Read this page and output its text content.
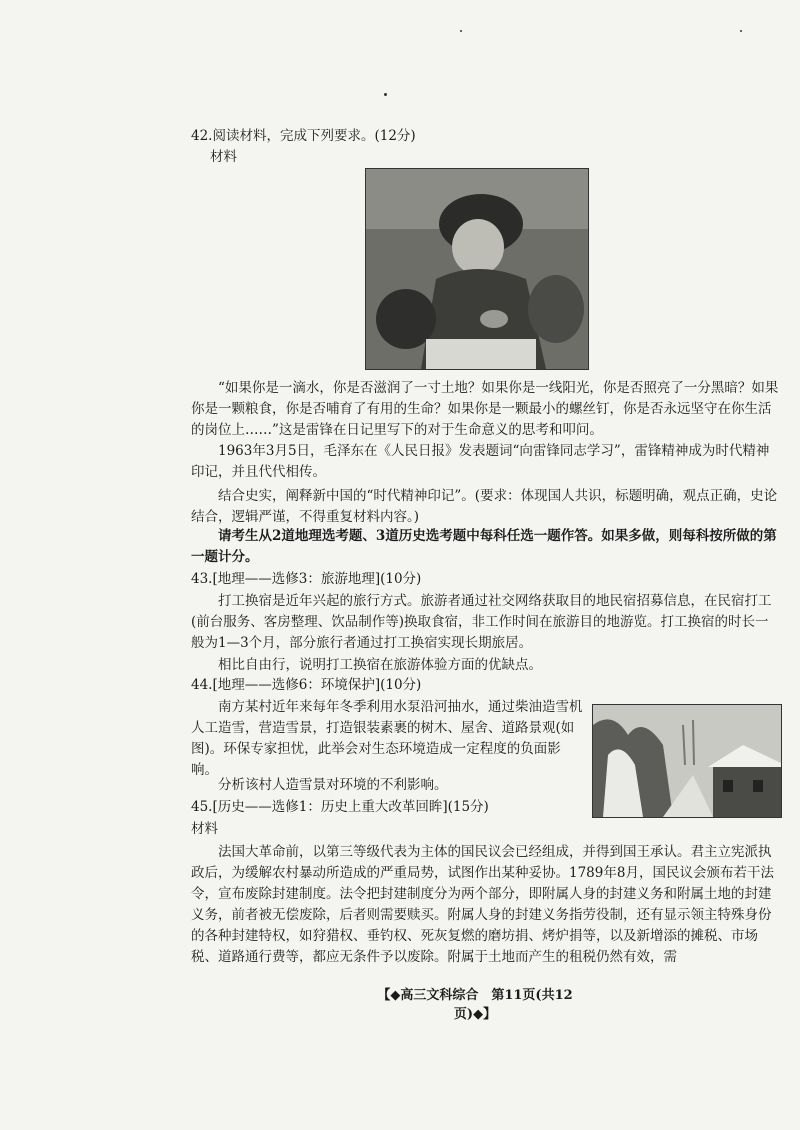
42.阅读材料，完成下列要求。(12分)

材料

“如果你是一滴水，你是否滋润了一寸土地？如果你是一线阳光，你是否照亮了一分黑暗？如果你是一颗粮食，你是否哺育了有用的生命？如果你是一颗最小的螺丝钉，你是否永远坚守在你生活的岗位上……”这是雷锋在日记里写下的对于生命意义的思考和叩问。

1963年3月5日，毛泽东在《人民日报》发表题词“向雷锋同志学习”，雷锋精神成为时代精神印记，并且代代相传。

结合史实，阐释新中国的“时代精神印记”。(要求：体现国人共识，标题明确，观点正确，史论结合，逻辑严谨，不得重复材料内容。)

请考生从2道地理选考题、3道历史选考题中每科任选一题作答。如果多做，则每科按所做的第一题计分。

43.[地理——选修3：旅游地理](10分)

打工换宿是近年兴起的旅行方式。旅游者通过社交网络获取目的地民宿招募信息，在民宿打工(前台服务、客房整理、饮品制作等)换取食宿，非工作时间在旅游目的地游览。打工换宿的时长一般为1—3个月，部分旅行者通过打工换宿实现长期旅居。

相比自由行，说明打工换宿在旅游体验方面的优缺点。

44.[地理——选修6：环境保护](10分)

南方某村近年来每年冬季利用水泵沿河抽水，通过柴油造雪机人工造雪，营造雪景，打造银装素裹的树木、屋舍、道路景观(如图)。环保专家担忧，此举会对生态环境造成一定程度的负面影响。

分析该村人造雪景对环境的不利影响。

45.[历史——选修1：历史上重大改革回眸](15分)

材料

法国大革命前，以第三等级代表为主体的国民议会已经组成，并得到国王承认。君主立宪派执政后，为缓解农村暴动所造成的严重局势，试图作出某种妥协。1789年8月，国民议会颁布若干法令，宣布废除封建制度。法令把封建制度分为两个部分，即附属人身的封建义务和附属土地的封建义务，前者被无偿废除，后者则需要赎买。附属人身的封建义务指劳役制，还有显示领主特殊身份的各种封建特权，如狩猎权、垂钓权、死灰复燃的磨坊捐、烤炉捐等，以及新增添的摊税、市场税、道路通行费等，都应无条件予以废除。附属于土地而产生的租税仍然有效，需

【◆高三文科综合　第11页(共12页)◆】
